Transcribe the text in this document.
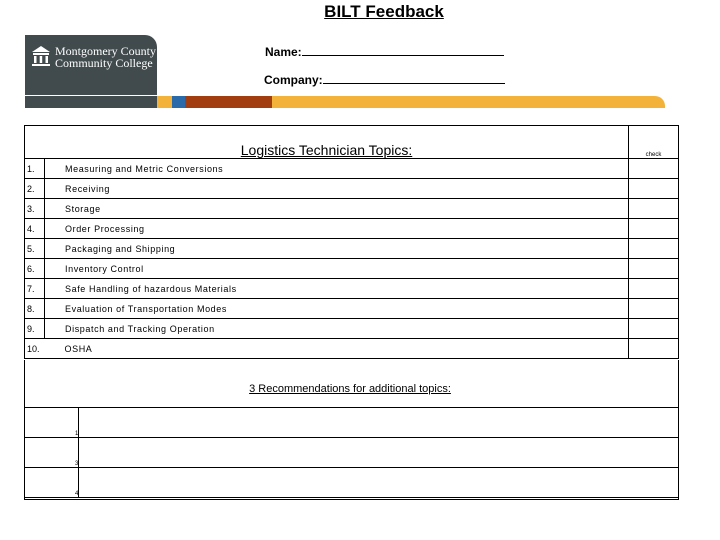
BILT Feedback
Name:
Company:
Montgomery County
Community College
Logistics Technician Topics:		check
1.	Measuring and Metric Conversions	
2.	Receiving	
3.	Storage	
4.	Order Processing	
5.	Packaging and Shipping	
6.	Inventory Control	
7.	Safe Handling of hazardous Materials	
8.	Evaluation of Transportation Modes	
9.	Dispatch and Tracking Operation	
10.	OSHA	
3 Recommendations for additional topics:
1	
3	
4	
